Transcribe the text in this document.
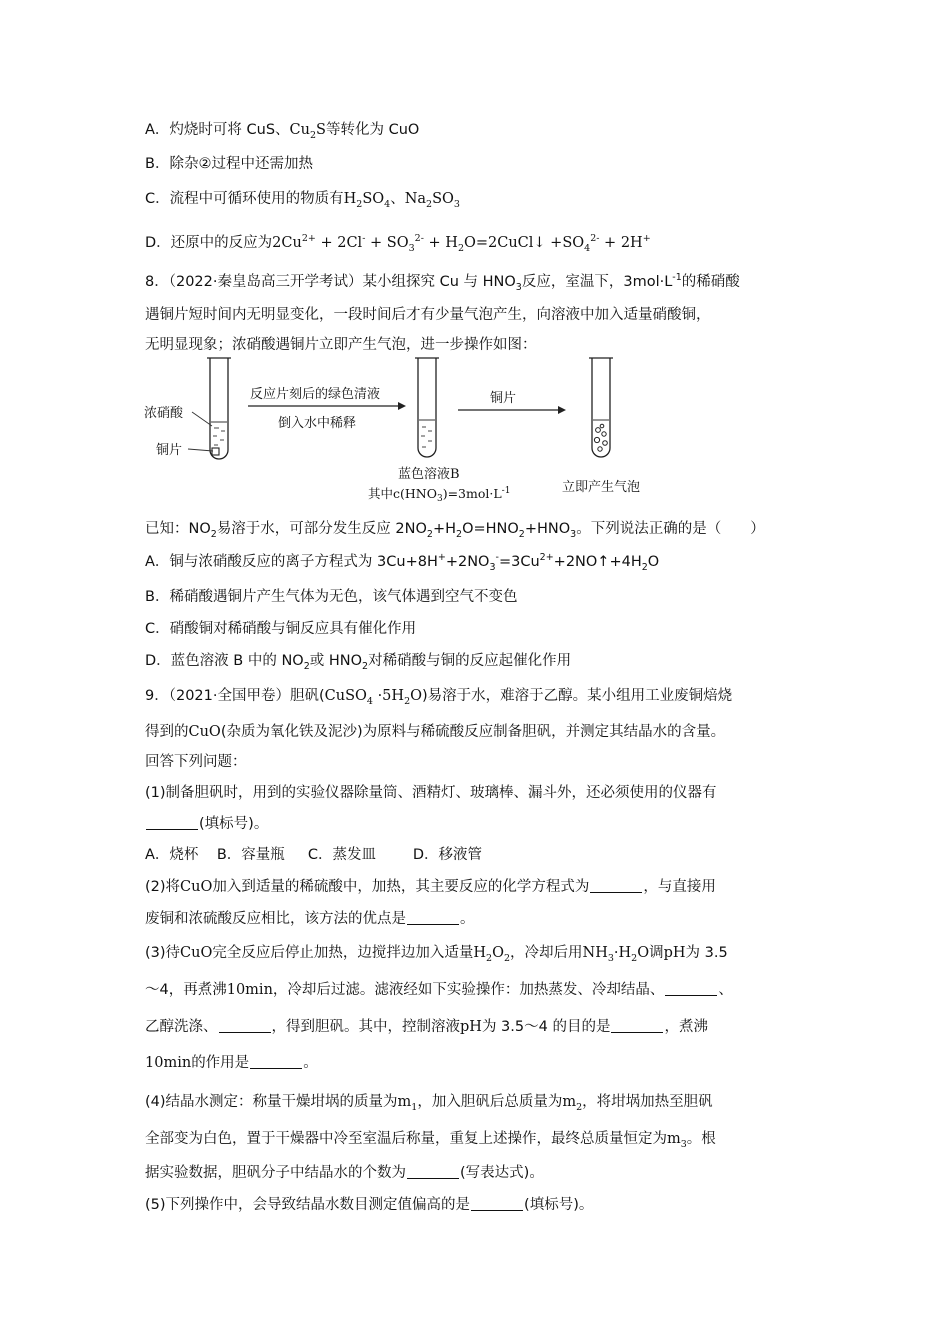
A．灼烧时可将 CuS、$Cu_2S$等转化为 CuO
B．除杂②过程中还需加热
C．流程中可循环使用的物质有$H_2SO_4$、$Na_2SO_3$
D．还原中的反应为$2Cu^{2+} + 2Cl^- + SO_3^{2-}$ + $H_2O=2CuCl↓ +SO_4^{2-} + 2H^+$
8．（2022·秦皇岛高三开学考试）某小组探究 Cu 与 $HNO_3$反应，室温下，$3mol\cdot L^{-1}$的稀硝酸
遇铜片短时间内无明显变化，一段时间后才有少量气泡产生，向溶液中加入适量硝酸铜，
无明显现象；浓硝酸遇铜片立即产生气泡，进一步操作如图：
浓硝酸
铜片
反应片刻后的绿色清液
倒入水中稀释
蓝色溶液B
其中$c(HNO_3)=3mol\cdot L^{-1}$
铜片
立即产生气泡
已知：$NO_2$易溶于水，可部分发生反应 $2NO_2+H_2O=HNO_2+HNO_3$。下列说法正确的是（　　）
A．铜与浓硝酸反应的离子方程式为 $3Cu+8H^++2NO_3^-=3Cu^{2+}+2NO↑+4H_2O$
B．稀硝酸遇铜片产生气体为无色，该气体遇到空气不变色
C．硝酸铜对稀硝酸与铜反应具有催化作用
D．蓝色溶液 B 中的 $NO_2$或 $HNO_2$对稀硝酸与铜的反应起催化作用
9．（2021·全国甲卷）胆矾(CuSO$_4$ $\cdot 5H_2O$)易溶于水，难溶于乙醇。某小组用工业废铜焙烧
得到的CuO(杂质为氧化铁及泥沙)为原料与稀硫酸反应制备胆矾，并测定其结晶水的含量。
回答下列问题：
(1)制备胆矾时，用到的实验仪器除量筒、酒精灯、玻璃棒、漏斗外，还必须使用的仪器有
(填标号)。
A．烧杯 B．容量瓶 C．蒸发皿	D．移液管
(2)将CuO加入到适量的稀硫酸中，加热，其主要反应的化学方程式为	，与直接用
废铜和浓硫酸反应相比，该方法的优点是	。
(3)待CuO完全反应后停止加热，边搅拌边加入适量$H_2O_2$，冷却后用$NH_3\cdot H_2O$调pH为 3.5
～4，再煮沸10min，冷却后过滤。滤液经如下实验操作：加热蒸发、冷却结晶、	、
乙醇洗涤、	，得到胆矾。其中，控制溶液pH为 3.5～4 的目的是	，煮沸
10min的作用是	。
(4)结晶水测定：称量干燥坩埚的质量为$m_1$，加入胆矾后总质量为$m_2$，将坩埚加热至胆矾
全部变为白色，置于干燥器中冷至室温后称量，重复上述操作，最终总质量恒定为$m_3$。根
据实验数据，胆矾分子中结晶水的个数为	(写表达式)。
(5)下列操作中，会导致结晶水数目测定值偏高的是	(填标号)。
